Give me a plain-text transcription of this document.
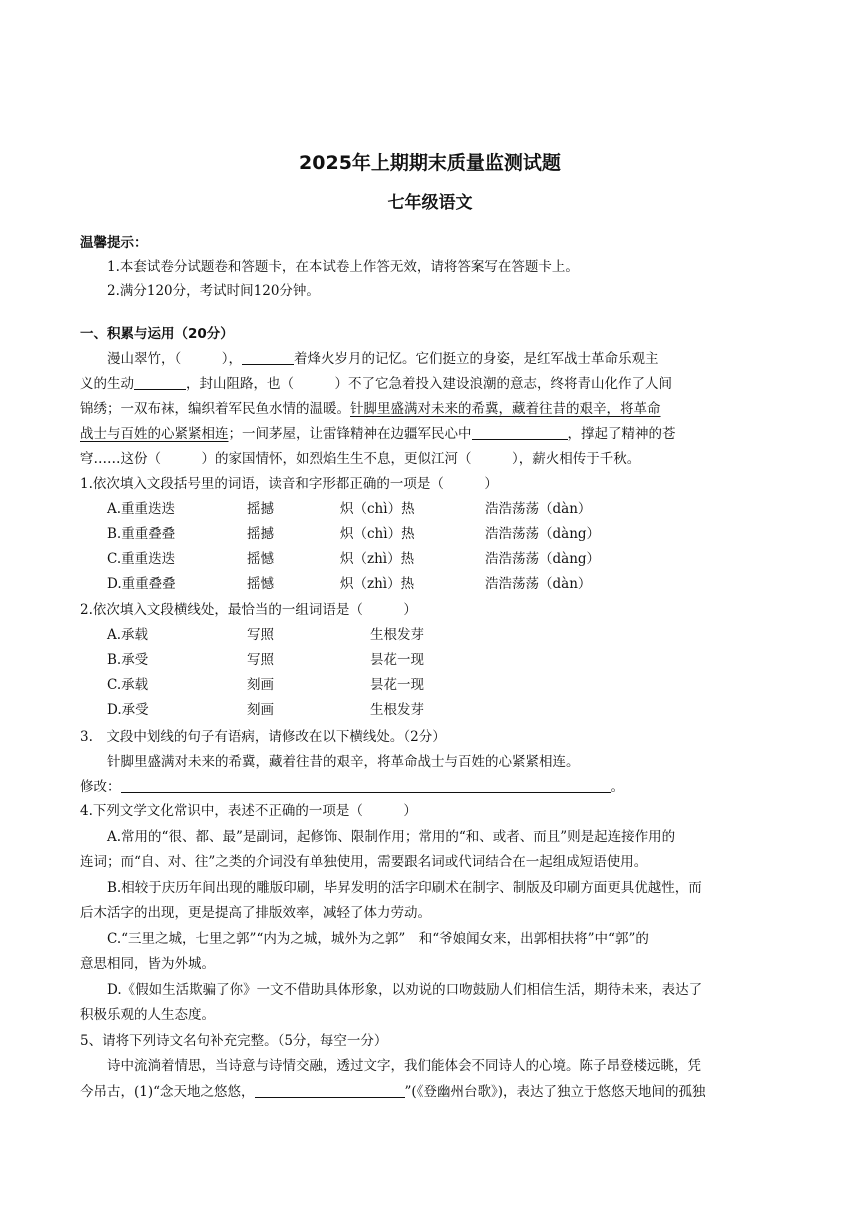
2025年上期期末质量监测试题
七年级语文
温馨提示：
1.本套试卷分试题卷和答题卡，在本试卷上作答无效，请将答案写在答题卡上。
2.满分120分，考试时间120分钟。
一、积累与运用（20分）
漫山翠竹，（　　　），	着烽火岁月的记忆。它们挺立的身姿，是红军战士革命乐观主
义的生动	，封山阻路，也（　　　）不了它急着投入建设浪潮的意志，终将青山化作了人间
锦绣；一双布袜，编织着军民鱼水情的温暖。针脚里盛满对未来的希冀，藏着往昔的艰辛，将革命
战士与百姓的心紧紧相连；一间茅屋，让雷锋精神在边疆军民心中	，撑起了精神的苍
穹……这份（　　　）的家国情怀，如烈焰生生不息，更似江河（　　　），薪火相传于千秋。
1.依次填入文段括号里的词语，读音和字形都正确的一项是（　　　）
A.重重迭迭	摇撼	炽（chì）热	浩浩荡荡（dàn）
B.重重叠叠	摇撼	炽（chì）热	浩浩荡荡（dàng）
C.重重迭迭	摇憾	炽（zhì）热	浩浩荡荡（dàng）
D.重重叠叠	摇憾	炽（zhì）热	浩浩荡荡（dàn）
2.依次填入文段横线处，最恰当的一组词语是（　　　）
A.承载	写照	生根发芽
B.承受	写照	昙花一现
C.承载	刻画	昙花一现
D.承受	刻画	生根发芽
3.　文段中划线的句子有语病，请修改在以下横线处。（2分）
针脚里盛满对未来的希冀，藏着往昔的艰辛，将革命战士与百姓的心紧紧相连。
修改：	。
4.下列文学文化常识中，表述不正确的一项是（　　　）
A.常用的“很、都、最”是副词，起修饰、限制作用；常用的“和、或者、而且”则是起连接作用的
连词；而“自、对、往”之类的介词没有单独使用，需要跟名词或代词结合在一起组成短语使用。
B.相较于庆历年间出现的雕版印刷，毕昇发明的活字印刷术在制字、制版及印刷方面更具优越性，而
后木活字的出现，更是提高了排版效率，减轻了体力劳动。
C.“三里之城，七里之郭”“内为之城，城外为之郭”　和“爷娘闻女来，出郭相扶将”中“郭”的
意思相同，皆为外城。
D.《假如生活欺骗了你》一文不借助具体形象，以劝说的口吻鼓励人们相信生活，期待未来，表达了
积极乐观的人生态度。
5、请将下列诗文名句补充完整。（5分，每空一分）
诗中流淌着情思，当诗意与诗情交融，透过文字，我们能体会不同诗人的心境。陈子昂登楼远眺，凭
今吊古，(1)“念天地之悠悠，	”(《登幽州台歌》)，表达了独立于悠悠天地间的孤独
